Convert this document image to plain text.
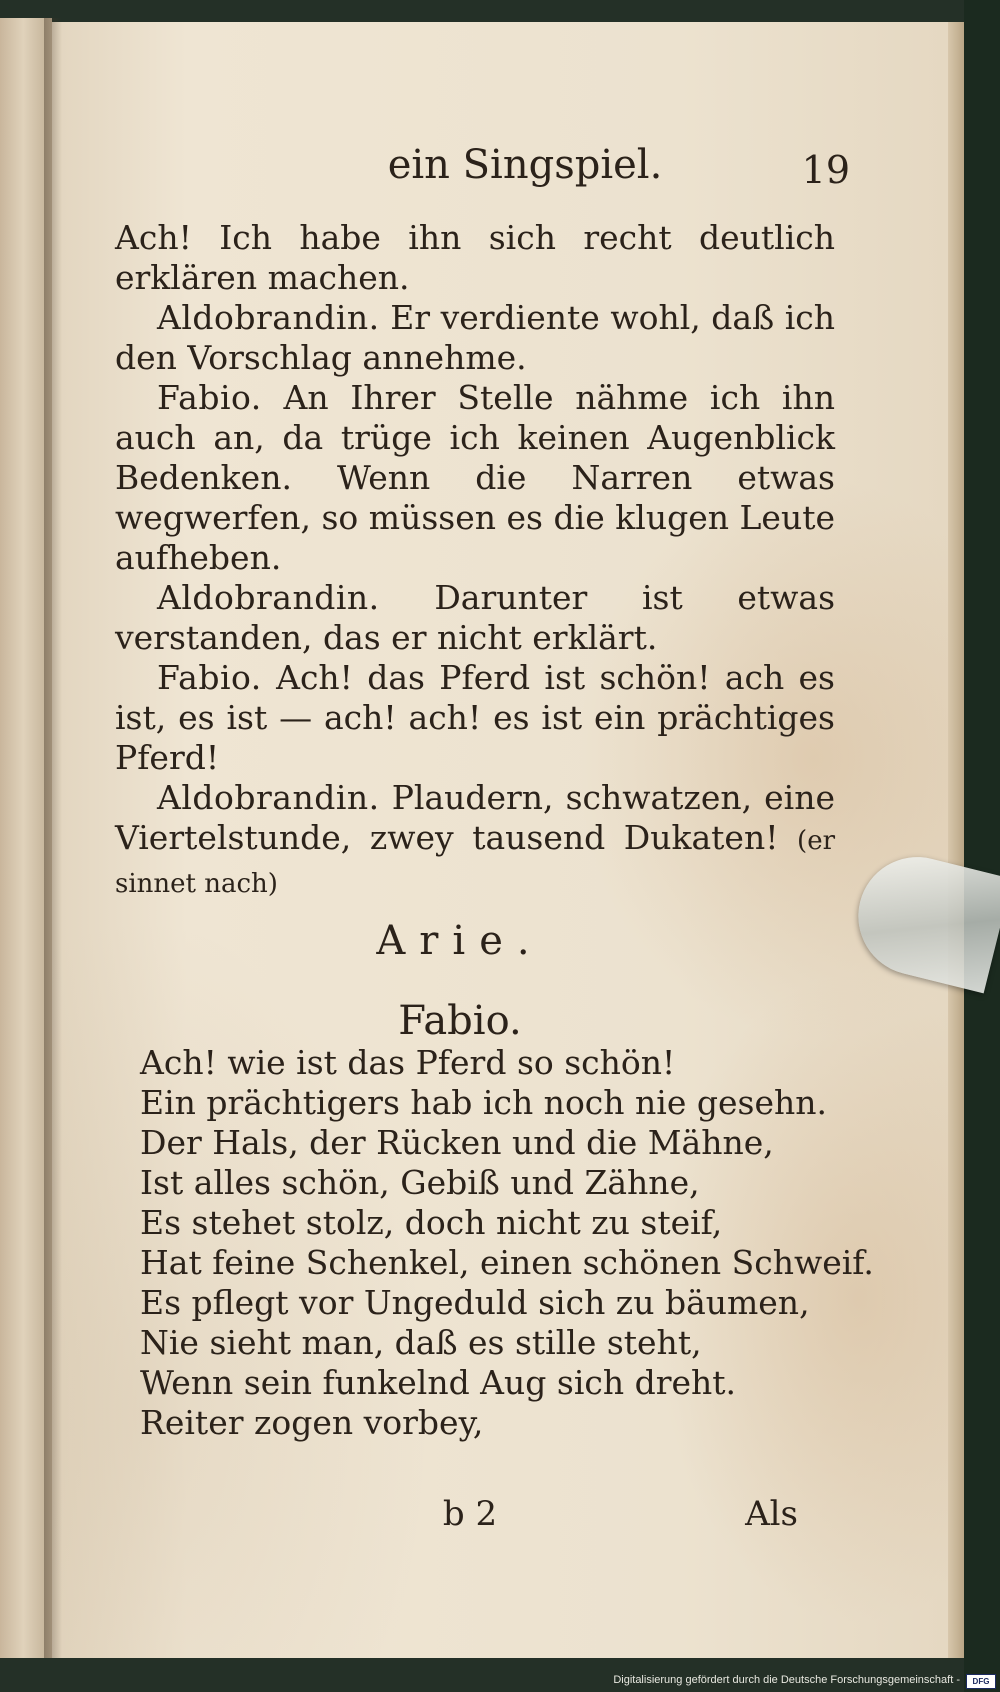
ein Singspiel.	19

Ach! Ich habe ihn sich recht deutlich erklären machen.

Aldobrandin. Er verdiente wohl, daß ich den Vorschlag annehme.

Fabio. An Ihrer Stelle nähme ich ihn auch an, da trüge ich keinen Augenblick Bedenken. Wenn die Narren etwas wegwerfen, so müssen es die klugen Leute aufheben.

Aldobrandin. Darunter ist etwas verstanden, das er nicht erklärt.

Fabio. Ach! das Pferd ist schön! ach es ist, es ist — ach! ach! es ist ein prächtiges Pferd!

Aldobrandin. Plaudern, schwatzen, eine Viertelstunde, zwey tausend Dukaten! (er sinnet nach)

Arie.
Fabio.
Ach! wie ist das Pferd so schön!
Ein prächtigers hab ich noch nie gesehn.
Der Hals, der Rücken und die Mähne,
Ist alles schön, Gebiß und Zähne,
Es stehet stolz, doch nicht zu steif,
Hat feine Schenkel, einen schönen Schweif.
Es pflegt vor Ungeduld sich zu bäumen,
Nie sieht man, daß es stille steht,
Wenn sein funkelnd Aug sich dreht.
Reiter zogen vorbey,
b 2	Als
Digitalisierung gefördert durch die Deutsche Forschungsgemeinschaft -	DFG
